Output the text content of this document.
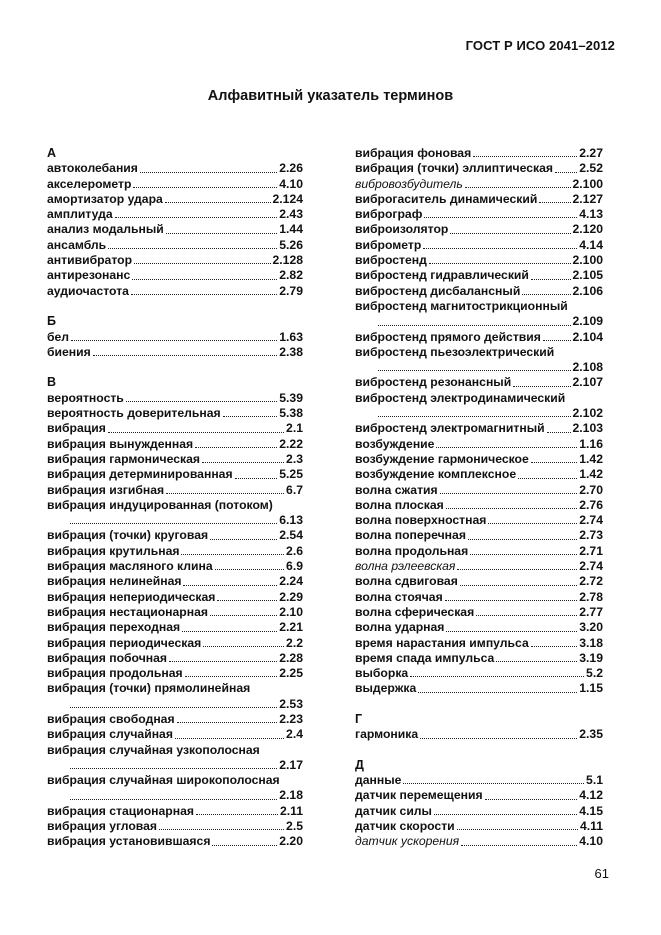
ГОСТ Р ИСО 2041–2012
Алфавитный указатель терминов
А
автоколебания	2.26
акселерометр	4.10
амортизатор удара	2.124
амплитуда	2.43
анализ модальный	1.44
ансамбль	5.26
антивибратор	2.128
антирезонанс	2.82
аудиочастота	2.79
Б
бел	1.63
биения	2.38
В
вероятность	5.39
вероятность доверительная	5.38
вибрация	2.1
вибрация вынужденная	2.22
вибрация гармоническая	2.3
вибрация детерминированная	5.25
вибрация изгибная	6.7
вибрация индуцированная (потоком)
6.13
вибрация (точки) круговая	2.54
вибрация крутильная	2.6
вибрация масляного клина	6.9
вибрация нелинейная	2.24
вибрация непериодическая	2.29
вибрация нестационарная	2.10
вибрация переходная	2.21
вибрация периодическая	2.2
вибрация побочная	2.28
вибрация продольная	2.25
вибрация (точки) прямолинейная
2.53
вибрация свободная	2.23
вибрация случайная	2.4
вибрация случайная узкополосная
2.17
вибрация случайная широкополосная
2.18
вибрация стационарная	2.11
вибрация угловая	2.5
вибрация установившаяся	2.20
вибрация фоновая	2.27
вибрация (точки) эллиптическая 2.52
вибровозбудитель	2.100
виброгаситель динамический	2.127
виброграф	4.13
виброизолятор	2.120
виброметр	4.14
вибростенд	2.100
вибростенд гидравлический	2.105
вибростенд дисбалансный	2.106
вибростенд магнитострикционный
2.109
вибростенд прямого действия	2.104
вибростенд пьезоэлектрический
2.108
вибростенд резонансный	2.107
вибростенд электродинамический
2.102
вибростенд электромагнитный 2.103
возбуждение	1.16
возбуждение гармоническое	1.42
возбуждение комплексное	1.42
волна сжатия	2.70
волна плоская	2.76
волна поверхностная	2.74
волна поперечная	2.73
волна продольная	2.71
волна рэлеевская	2.74
волна сдвиговая	2.72
волна стоячая	2.78
волна сферическая	2.77
волна ударная	3.20
время нарастания импульса	3.18
время спада импульса	3.19
выборка	5.2
выдержка	1.15
Г
гармоника	2.35
Д
данные	5.1
датчик перемещения	4.12
датчик силы	4.15
датчик скорости	4.11
датчик ускорения	4.10
61
